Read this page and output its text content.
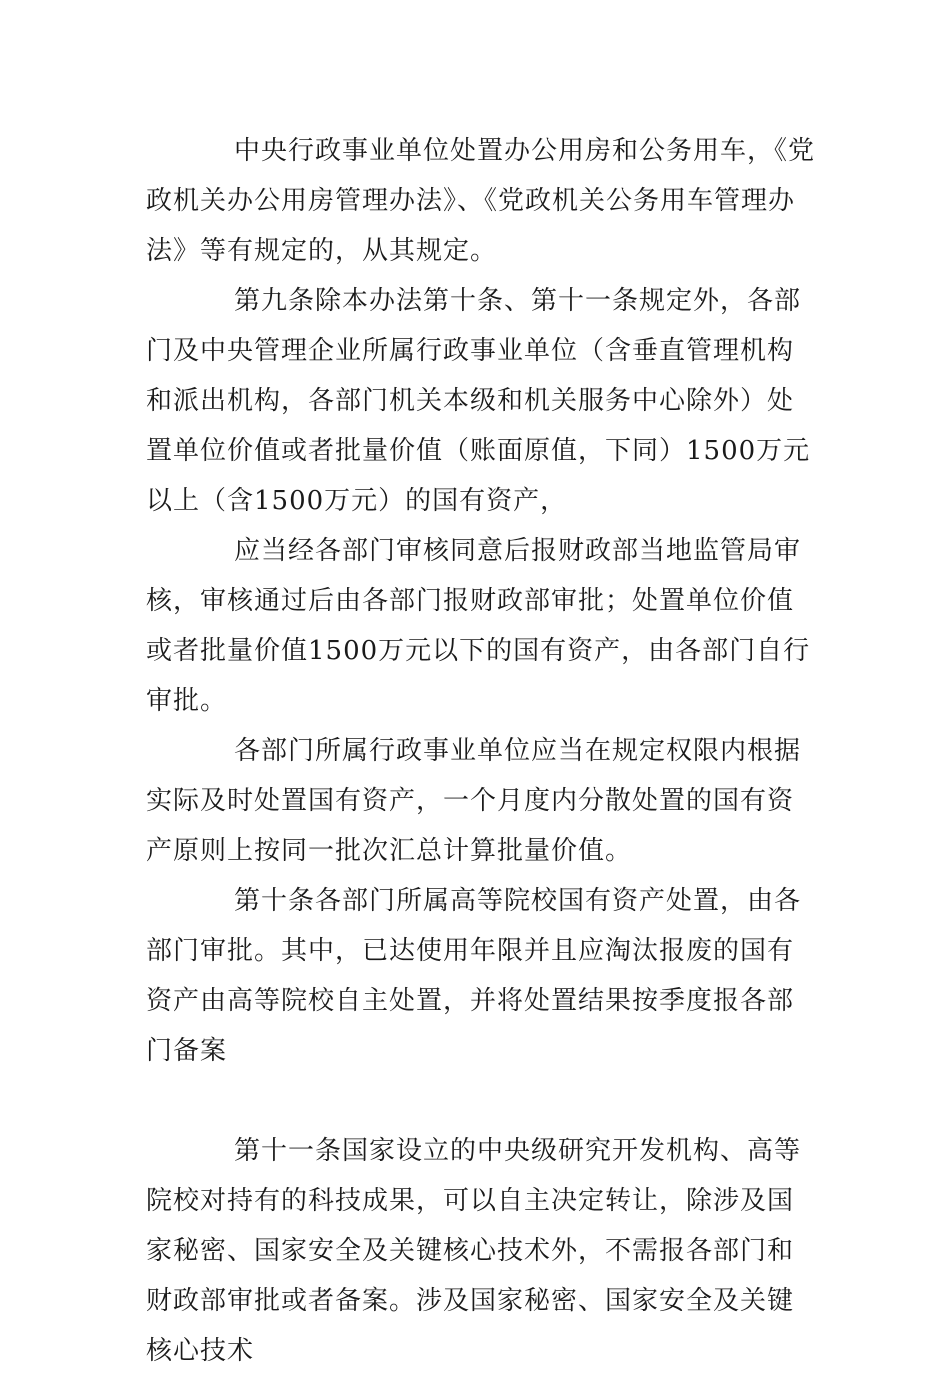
中央行政事业单位处置办公用房和公务用车，《党政机关办公用房管理办法》、《党政机关公务用车管理办法》等有规定的，从其规定。

第九条除本办法第十条、第十一条规定外，各部门及中央管理企业所属行政事业单位（含垂直管理机构和派出机构，各部门机关本级和机关服务中心除外）处置单位价值或者批量价值（账面原值，下同）1500万元以上（含1500万元）的国有资产，

应当经各部门审核同意后报财政部当地监管局审核，审核通过后由各部门报财政部审批；处置单位价值或者批量价值1500万元以下的国有资产，由各部门自行审批。

各部门所属行政事业单位应当在规定权限内根据实际及时处置国有资产，一个月度内分散处置的国有资产原则上按同一批次汇总计算批量价值。

第十条各部门所属高等院校国有资产处置，由各部门审批。其中，已达使用年限并且应淘汰报废的国有资产由高等院校自主处置，并将处置结果按季度报各部门备案

第十一条国家设立的中央级研究开发机构、高等院校对持有的科技成果，可以自主决定转让，除涉及国家秘密、国家安全及关键核心技术外，不需报各部门和财政部审批或者备案。涉及国家秘密、国家安全及关键核心技术
